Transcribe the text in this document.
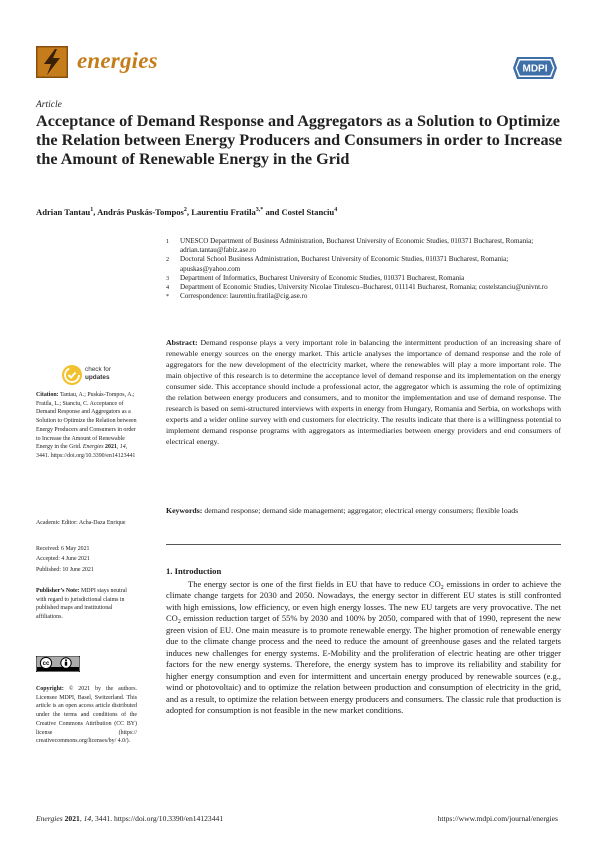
energies	MDPI
Article
Acceptance of Demand Response and Aggregators as a Solution to Optimize the Relation between Energy Producers and Consumers in order to Increase the Amount of Renewable Energy in the Grid
Adrian Tantau$^1$, András Puskás-Tompos$^2$, Laurentiu Fratila$^{3,*}$ and Costel Stanciu$^4$
1	UNESCO Department of Business Administration, Bucharest University of Economic Studies, 010371 Bucharest, Romania; adrian.tantau@fabiz.ase.ro
2	Doctoral School Business Administration, Bucharest University of Economic Studies, 010371 Bucharest, Romania; apuskas@yahoo.com
3	Department of Informatics, Bucharest University of Economic Studies, 010371 Bucharest, Romania
4	Department of Economic Studies, University Nicolae Titulescu–Bucharest, 011141 Bucharest, Romania; costelstanciu@univnt.ro
*	Correspondence: laurentiu.fratila@cig.ase.ro
Abstract: Demand response plays a very important role in balancing the intermittent production of an increasing share of renewable energy sources on the energy market. This article analyses the importance of demand response and the role of aggregators for the new development of the electricity market, where the renewables will play a more important role. The main objective of this research is to determine the acceptance level of demand response and its implementation on the energy consumer side. This acceptance should include a professional actor, the aggregator which is assuming the role of optimizing the relation between energy producers and consumers, and to monitor the implementation and use of demand response. The research is based on semi-structured interviews with experts in energy from Hungary, Romania and Serbia, on workshops with experts and a wider online survey with end customers for electricity. The results indicate that there is a willingness potential to implement demand response programs with aggregators as intermediaries between energy providers and end consumers of electrical energy.
Keywords: demand response; demand side management; aggregator; electrical energy consumers; flexible loads
1. Introduction
The energy sector is one of the first fields in EU that have to reduce $CO_2$ emissions in order to achieve the climate change targets for 2030 and 2050. Nowadays, the energy sector in different EU states is still confronted with high emissions, low efficiency, or even high energy losses. The new EU targets are very provocative. The net $CO_2$ emission reduction target of 55% by 2030 and 100% by 2050, compared with that of 1990, represent the new green vision of EU. One main measure is to promote renewable energy. The higher promotion of renewable energy due to the climate change process and the need to reduce the amount of greenhouse gases and the related targets induces new challenges for energy systems. E-Mobility and the proliferation of electric heating are other trigger factors for the new energy systems. Therefore, the energy system has to improve its reliability and stability for higher energy consumption and even for intermittent and uncertain energy produced by renewable sources (e.g., wind or photovoltaic) and to optimize the relation between production and consumption of electricity in the grid, and as a result, to optimize the relation between energy producers and consumers. The classic rule that production is adopted for consumption is not feasible in the new market conditions.
check for
updates
Citation: Tantau, A.; Puskás-Tompos, A.; Fratila, L.; Stanciu, C. Acceptance of Demand Response and Aggregators as a Solution to Optimize the Relation between Energy Producers and Consumers in order to Increase the Amount of Renewable Energy in the Grid. Energies 2021, 14, 3441. https://doi.org/10.3390/en14123441
Academic Editor: Acha-Daza Enrique
Received: 6 May 2021
Accepted: 4 June 2021
Published: 10 June 2021
Publisher’s Note: MDPI stays neutral with regard to jurisdictional claims in published maps and institutional affiliations.
cc
Copyright: © 2021 by the authors. Licensee MDPI, Basel, Switzerland. This article is an open access article distributed under the terms and conditions of the Creative Commons Attribution (CC BY) license (https:// creativecommons.org/licenses/by/ 4.0/).
Energies 2021, 14, 3441. https://doi.org/10.3390/en14123441	https://www.mdpi.com/journal/energies
